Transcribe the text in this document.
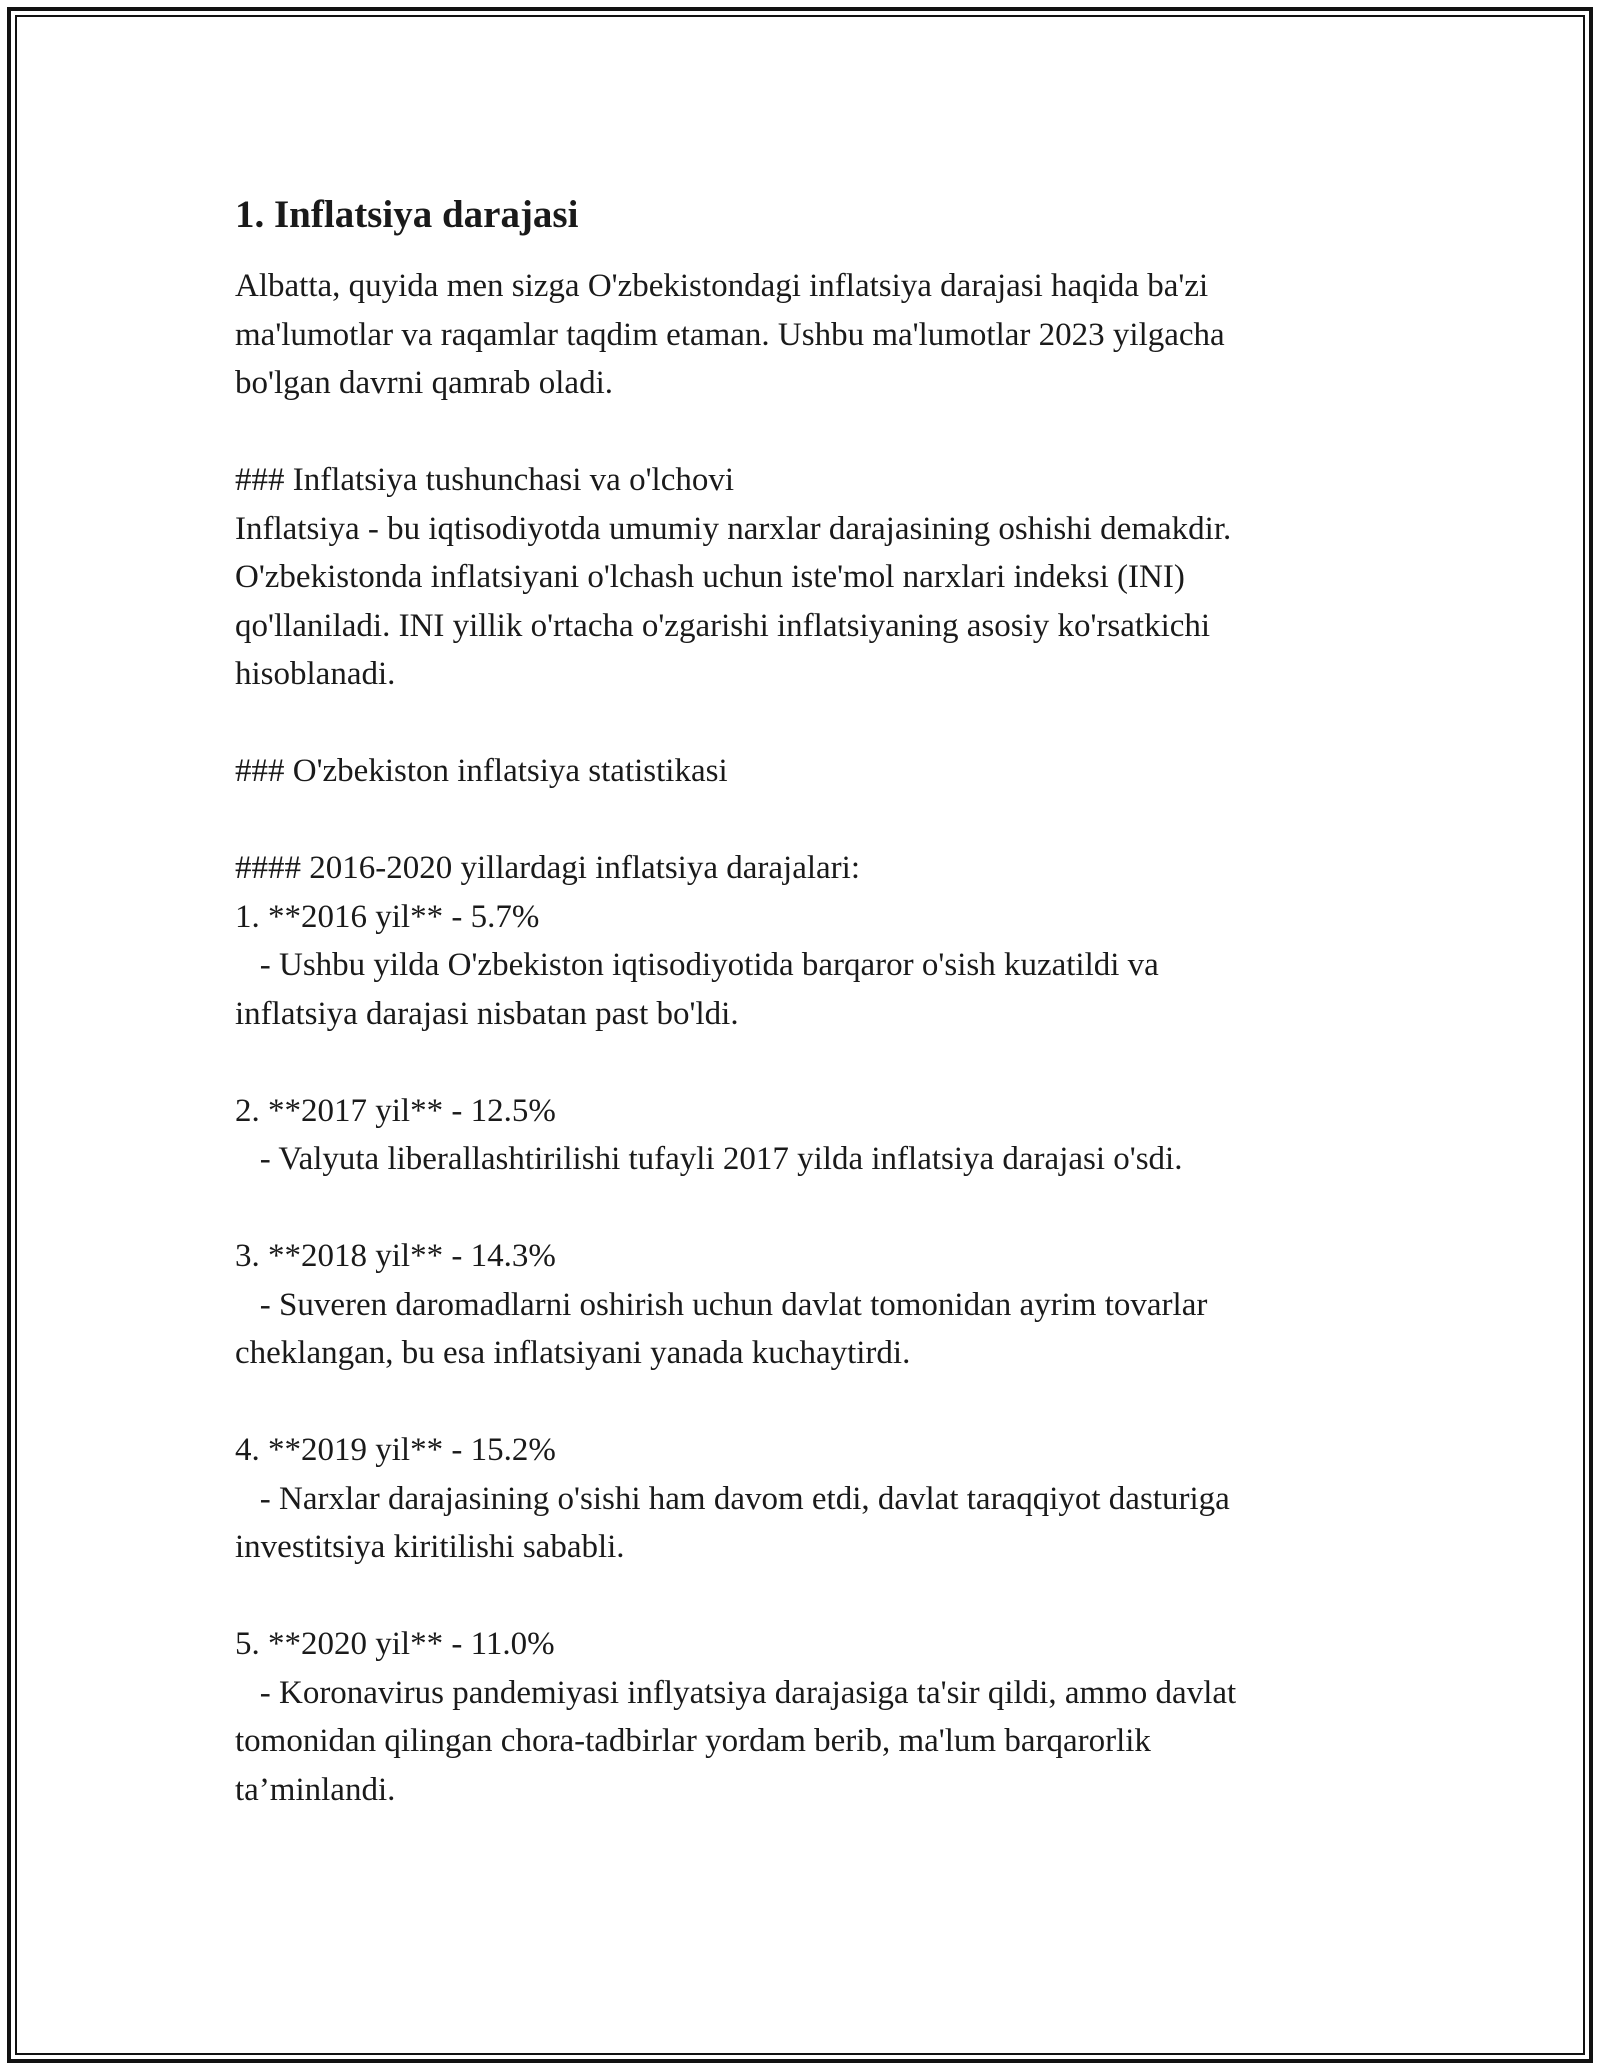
1. Inflatsiya darajasi

Albatta, quyida men sizga O'zbekistondagi inflatsiya darajasi haqida ba'zi
ma'lumotlar va raqamlar taqdim etaman. Ushbu ma'lumotlar 2023 yilgacha
bo'lgan davrni qamrab oladi.

### Inflatsiya tushunchasi va o'lchovi

Inflatsiya - bu iqtisodiyotda umumiy narxlar darajasining oshishi demakdir.
O'zbekistonda inflatsiyani o'lchash uchun iste'mol narxlari indeksi (INI)
qo'llaniladi. INI yillik o'rtacha o'zgarishi inflatsiyaning asosiy ko'rsatkichi
hisoblanadi.

### O'zbekiston inflatsiya statistikasi

#### 2016-2020 yillardagi inflatsiya darajalari:

1. **2016 yil** - 5.7%

- Ushbu yilda O'zbekiston iqtisodiyotida barqaror o'sish kuzatildi va
inflatsiya darajasi nisbatan past bo'ldi.

2. **2017 yil** - 12.5%

- Valyuta liberallashtirilishi tufayli 2017 yilda inflatsiya darajasi o'sdi.

3. **2018 yil** - 14.3%

- Suveren daromadlarni oshirish uchun davlat tomonidan ayrim tovarlar
cheklangan, bu esa inflatsiyani yanada kuchaytirdi.

4. **2019 yil** - 15.2%

- Narxlar darajasining o'sishi ham davom etdi, davlat taraqqiyot dasturiga
investitsiya kiritilishi sababli.

5. **2020 yil** - 11.0%

- Koronavirus pandemiyasi inflyatsiya darajasiga ta'sir qildi, ammo davlat
tomonidan qilingan chora-tadbirlar yordam berib, ma'lum barqarorlik
ta’minlandi.
